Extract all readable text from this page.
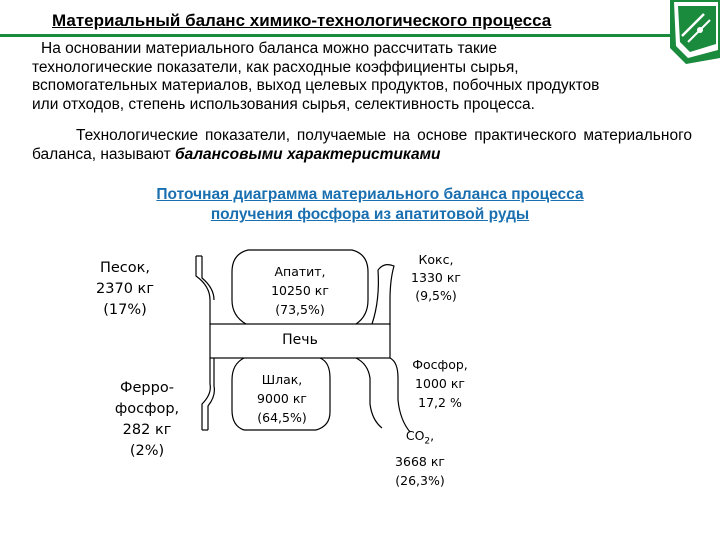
Материальный баланс химико-технологического процесса
На основании материального баланса можно рассчитать такие
технологические показатели, как расходные коэффициенты сырья,
вспомогательных материалов, выход целевых продуктов, побочных продуктов
или отходов, степень использования сырья, селективность процесса.
Технологические показатели, получаемые на основе практического материального баланса, называют балансовыми характеристиками
Поточная диаграмма материального баланса процесса
получения фосфора из апатитовой руды
Песок,
2370 кг
(17%)
Апатит,
10250 кг
(73,5%)
Кокс,
1330 кг
(9,5%)
Печь
Ферро-
фосфор,
282 кг
(2%)
Шлак,
9000 кг
(64,5%)
Фосфор,
1000 кг
17,2 %
$CO_2$,
3668 кг
(26,3%)
